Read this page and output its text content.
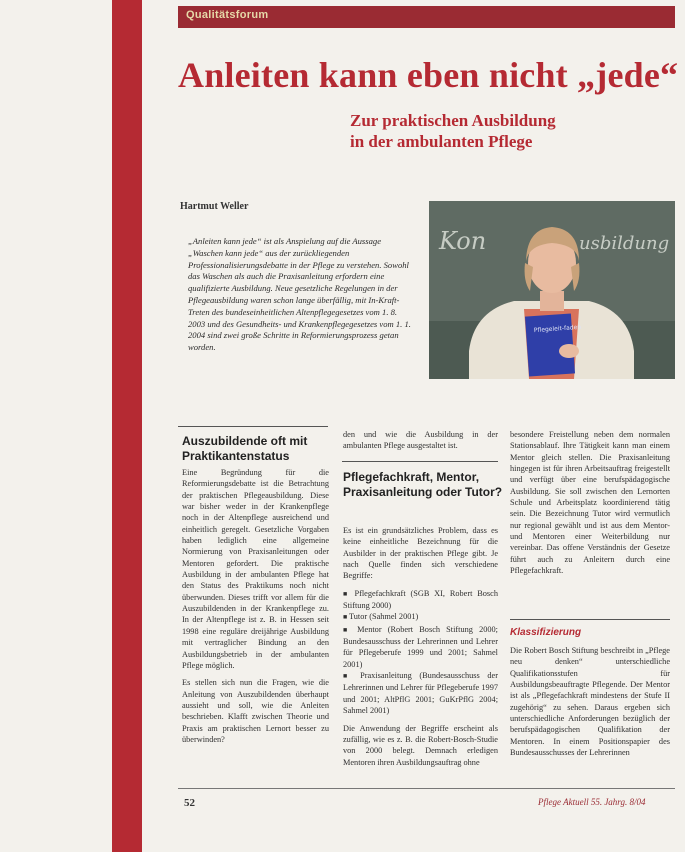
Qualitätsforum
Anleiten kann eben nicht „jede“
Zur praktischen Ausbildung
in der ambulanten Pflege
Hartmut Weller
„Anleiten kann jede“ ist als Anspielung auf die Aussage „Waschen kann jede“ aus der zurückliegenden Professionalisierungsdebatte in der Pflege zu verstehen. Sowohl das Waschen als auch die Praxisanleitung erfordern eine qualifizierte Ausbildung. Neue gesetzliche Regelungen in der Pflegeausbildung waren schon lange überfällig, mit In-Kraft-Treten des bundeseinheitlichen Altenpflegegesetzes vom 1. 8. 2003 und des Gesundheits- und Krankenpflegegesetzes vom 1. 1. 2004 sind zwei große Schritte in Reformierungsprozess getan worden.
Kon	usbildung
Pflegeleit-faden
Auszubildende oft mit Praktikantenstatus

Eine Begründung für die Reformierungsdebatte ist die Betrachtung der praktischen Pflegeausbildung. Diese war bisher weder in der Krankenpflege noch in der Altenpflege ausreichend und einheitlich geregelt. Gesetzliche Vorgaben haben lediglich eine allgemeine Normierung von Praxisanleitungen oder Mentoren gefordert. Die praktische Ausbildung in der ambulanten Pflege hat den Status des Praktikums noch nicht überwunden. Dieses trifft vor allem für die Auszubildenden in der Krankenpflege zu. In der Altenpflege ist z. B. in Hessen seit 1998 eine reguläre dreijährige Ausbildung mit vertraglicher Bindung an den Ausbildungsbetrieb in der ambulanten Pflege möglich.

Es stellen sich nun die Fragen, wie die Anleitung von Auszubildenden überhaupt aussieht und soll, wie die Anleiten beschrieben. Klafft zwischen Theorie und Praxis am praktischen Lernort besser zu überwinden?

den und wie die Ausbildung in der ambulanten Pflege ausgestaltet ist.
Pflegefachkraft, Mentor, Praxisanleitung oder Tutor?

Es ist ein grundsätzliches Problem, dass es keine einheitliche Bezeichnung für die Ausbilder in der praktischen Pflege gibt. Je nach Quelle finden sich verschiedene Begriffe:

■ Pflegefachkraft (SGB XI, Robert Bosch Stiftung 2000)
■ Tutor (Sahmel 2001)
■ Mentor (Robert Bosch Stiftung 2000; Bundesausschuss der Lehrerinnen und Lehrer für Pflegeberufe 1999 und 2001; Sahmel 2001)
■ Praxisanleitung (Bundesausschuss der Lehrerinnen und Lehrer für Pflegeberufe 1997 und 2001; AltPflG 2001; GuKrPflG 2004; Sahmel 2001)

Die Anwendung der Begriffe erscheint als zufällig, wie es z. B. die Robert-Bosch-Studie von 2000 belegt. Demnach erledigen Mentoren ihren Ausbildungsauftrag ohne

besondere Freistellung neben dem normalen Stationsablauf. Ihre Tätigkeit kann man einem Mentor gleich stellen. Die Praxisanleitung hingegen ist für ihren Arbeitsauftrag freigestellt und verfügt über eine berufspädagogische Ausbildung. Sie soll zwischen den Lernorten Schule und Arbeitsplatz koordinierend tätig sein. Die Bezeichnung Tutor wird vermutlich nur regional gewählt und ist aus dem Mentor- und Mentoren einer Weiterbildung nur vereinbar. Das offene Verständnis der Gesetze führt auch zu Anleitern durch eine Pflegefachkraft.
Klassifizierung
Die Robert Bosch Stiftung beschreibt in „Pflege neu denken“ unterschiedliche Qualifikationsstufen für Ausbildungsbeauftragte Pflegende. Der Mentor ist als „Pflegefachkraft mindestens der Stufe II zugehörig“ zu sehen. Daraus ergeben sich unterschiedliche Anforderungen bezüglich der berufspädagogischen Qualifikation der Mentoren. In einem Positionspapier des Bundesausschusses der Lehrerinnen
52	Pflege Aktuell 55. Jahrg. 8/04
